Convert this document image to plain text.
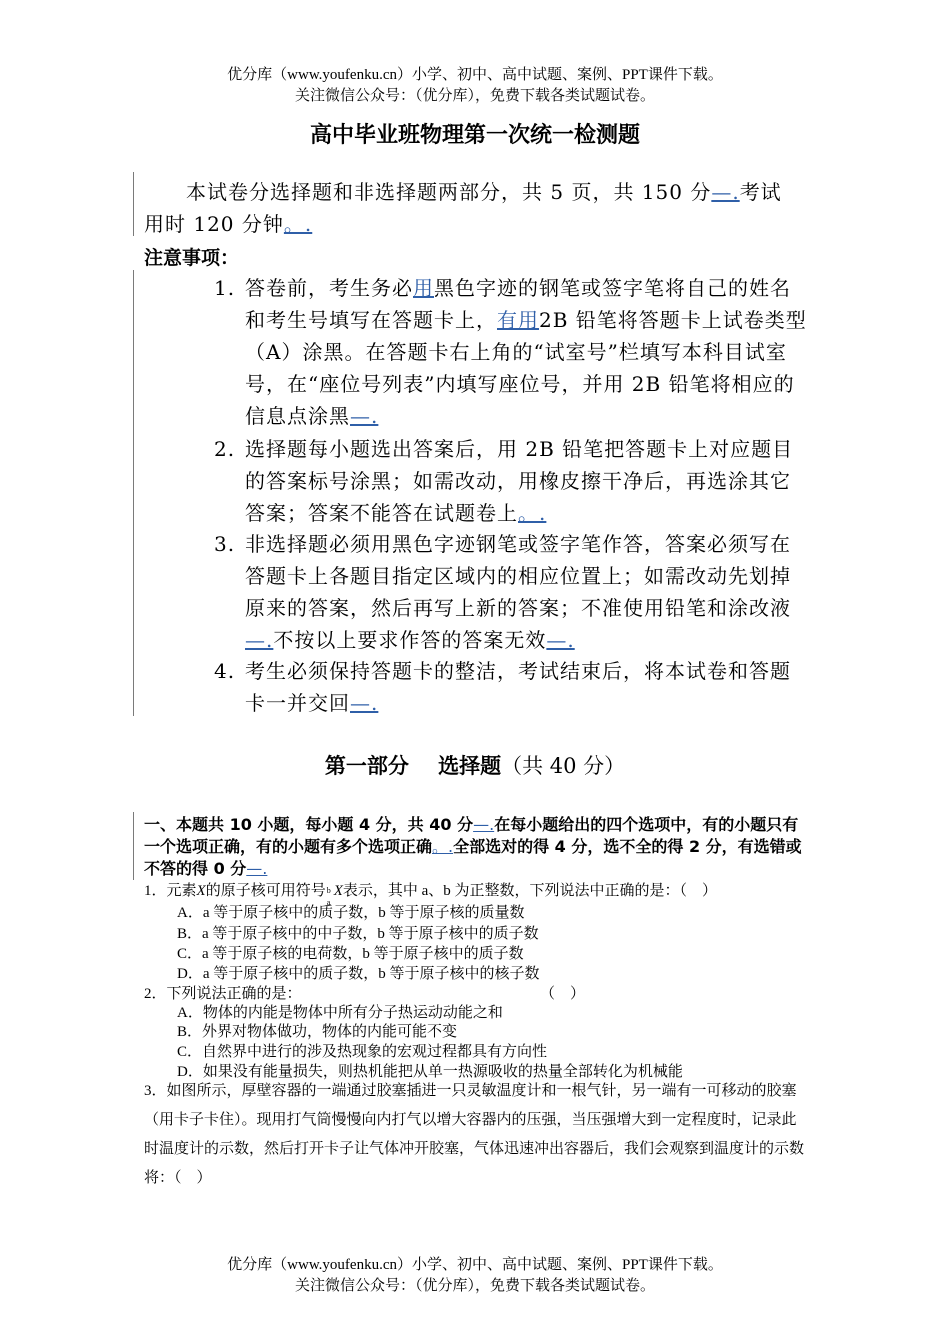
优分库（www.youfenku.cn）小学、初中、高中试题、案例、PPT课件下载。
关注微信公众号：（优分库），免费下载各类试题试卷。
高中毕业班物理第一次统一检测题
本试卷分选择题和非选择题两部分，共 5 页，共 150 分—.考试
用时 120 分钟。.
注意事项：
1. 答卷前，考生务必用黑色字迹的钢笔或签字笔将自己的姓名和考生号填写在答题卡上，有用2B 铅笔将答题卡上试卷类型（A）涂黑。在答题卡右上角的“试室号”栏填写本科目试室号，在“座位号列表”内填写座位号，并用 2B 铅笔将相应的信息点涂黑—.
2. 选择题每小题选出答案后，用 2B 铅笔把答题卡上对应题目的答案标号涂黑；如需改动，用橡皮擦干净后，再选涂其它答案；答案不能答在试题卷上。.
3. 非选择题必须用黑色字迹钢笔或签字笔作答，答案必须写在答题卡上各题目指定区域内的相应位置上；如需改动先划掉原来的答案，然后再写上新的答案；不准使用铅笔和涂改液—.不按以上要求作答的答案无效—.
4. 考生必须保持答题卡的整洁，考试结束后，将本试卷和答题卡一并交回—.
第一部分 选择题（共 40 分）
一、本题共 10 小题，每小题 4 分，共 40 分—.在每小题给出的四个选项中，有的小题只有一个选项正确，有的小题有多个选项正确。.全部选对的得 4 分，选不全的得 2 分，有选错或不答的得 0 分—.
1．元素X的原子核可用符号 b
a
X表示，其中 a、b 为正整数，下列说法中正确的是：（　）
A．a 等于原子核中的质子数，b 等于原子核的质量数
B．a 等于原子核中的中子数，b 等于原子核中的质子数
C．a 等于原子核的电荷数，b 等于原子核中的质子数
D．a 等于原子核中的质子数，b 等于原子核中的核子数
2．下列说法正确的是：	（　）
A．物体的内能是物体中所有分子热运动动能之和
B．外界对物体做功，物体的内能可能不变
C．自然界中进行的涉及热现象的宏观过程都具有方向性
D．如果没有能量损失，则热机能把从单一热源吸收的热量全部转化为机械能
3．如图所示，厚壁容器的一端通过胶塞插进一只灵敏温度计和一根气针，另一端有一可移动的胶塞（用卡子卡住）。现用打气筒慢慢向内打气以增大容器内的压强，当压强增大到一定程度时，记录此时温度计的示数，然后打开卡子让气体冲开胶塞，气体迅速冲出容器后，我们会观察到温度计的示数将：（　）
优分库（www.youfenku.cn）小学、初中、高中试题、案例、PPT课件下载。
关注微信公众号：（优分库），免费下载各类试题试卷。
